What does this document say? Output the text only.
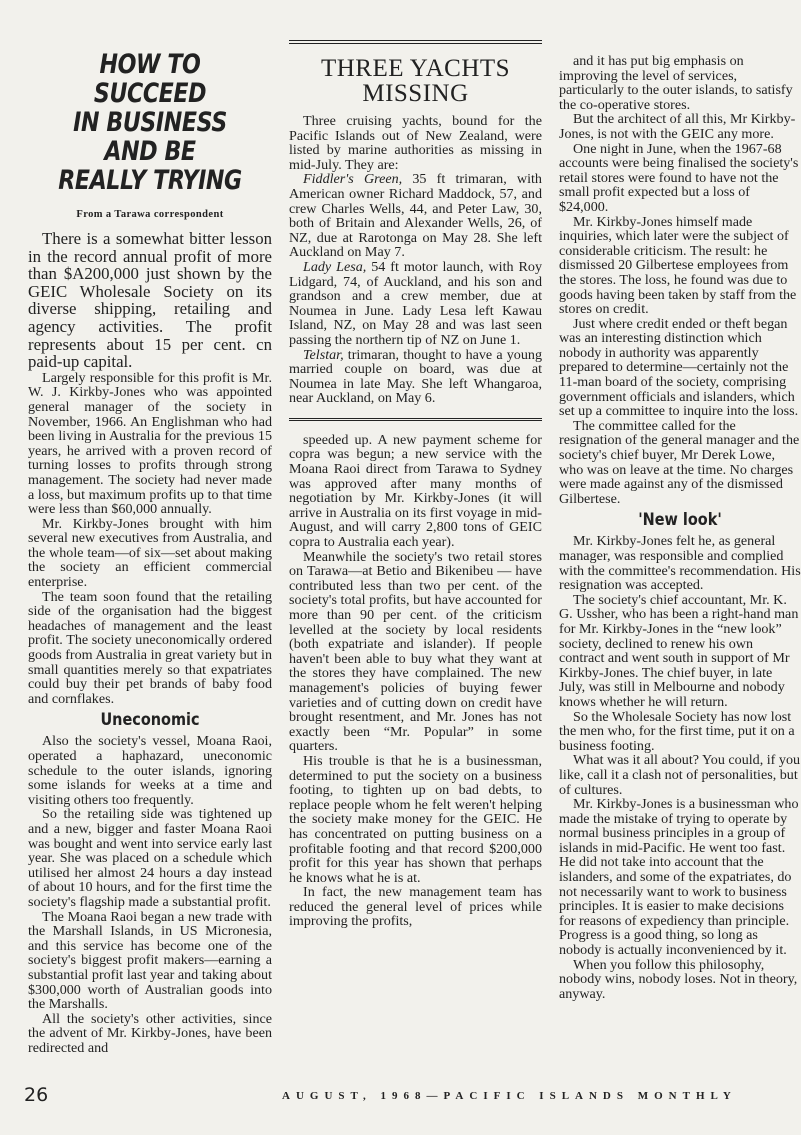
HOW TO SUCCEED
IN BUSINESS AND BE
REALLY TRYING
From a Tarawa correspondent

There is a somewhat bitter lesson in the record annual profit of more than $A200,000 just shown by the GEIC Wholesale Society on its diverse shipping, retailing and agency activities. The profit represents about 15 per cent. cn paid-up capital.

Largely responsible for this profit is Mr. W. J. Kirkby-Jones who was appointed general manager of the society in November, 1966. An Englishman who had been living in Australia for the previous 15 years, he arrived with a proven record of turning losses to profits through strong management. The society had never made a loss, but maximum profits up to that time were less than $60,000 annually.

Mr. Kirkby-Jones brought with him several new executives from Australia, and the whole team—of six—set about making the society an efficient commercial enterprise.

The team soon found that the retailing side of the organisation had the biggest headaches of management and the least profit. The society uneconomically ordered goods from Australia in great variety but in small quantities merely so that expatriates could buy their pet brands of baby food and cornflakes.

Uneconomic

Also the society's vessel, Moana Raoi, operated a haphazard, uneconomic schedule to the outer islands, ignoring some islands for weeks at a time and visiting others too frequently.

So the retailing side was tightened up and a new, bigger and faster Moana Raoi was bought and went into service early last year. She was placed on a schedule which utilised her almost 24 hours a day instead of about 10 hours, and for the first time the society's flagship made a substantial profit.

The Moana Raoi began a new trade with the Marshall Islands, in US Micronesia, and this service has become one of the society's biggest profit makers—earning a substantial profit last year and taking about $300,000 worth of Australian goods into the Marshalls.

All the society's other activities, since the advent of Mr. Kirkby-Jones, have been redirected and

THREE YACHTS
MISSING

Three cruising yachts, bound for the Pacific Islands out of New Zealand, were listed by marine authorities as missing in mid-July. They are:

Fiddler's Green, 35 ft trimaran, with American owner Richard Maddock, 57, and crew Charles Wells, 44, and Peter Law, 30, both of Britain and Alexander Wells, 26, of NZ, due at Rarotonga on May 28. She left Auckland on May 7.

Lady Lesa, 54 ft motor launch, with Roy Lidgard, 74, of Auckland, and his son and grandson and a crew member, due at Noumea in June. Lady Lesa left Kawau Island, NZ, on May 28 and was last seen passing the northern tip of NZ on June 1.

Telstar, trimaran, thought to have a young married couple on board, was due at Noumea in late May. She left Whangaroa, near Auckland, on May 6.

speeded up. A new payment scheme for copra was begun; a new service with the Moana Raoi direct from Tarawa to Sydney was approved after many months of negotiation by Mr. Kirkby-Jones (it will arrive in Australia on its first voyage in mid-August, and will carry 2,800 tons of GEIC copra to Australia each year).

Meanwhile the society's two retail stores on Tarawa—at Betio and Bikenibeu — have contributed less than two per cent. of the society's total profits, but have accounted for more than 90 per cent. of the criticism levelled at the society by local residents (both expatriate and islander). If people haven't been able to buy what they want at the stores they have complained. The new management's policies of buying fewer varieties and of cutting down on credit have brought resentment, and Mr. Jones has not exactly been “Mr. Popular” in some quarters.

His trouble is that he is a businessman, determined to put the society on a business footing, to tighten up on bad debts, to replace people whom he felt weren't helping the society make money for the GEIC. He has concentrated on putting business on a profitable footing and that record $200,000 profit for this year has shown that perhaps he knows what he is at.

In fact, the new management team has reduced the general level of prices while improving the profits,

and it has put big emphasis on improving the level of services, particularly to the outer islands, to satisfy the co-operative stores.

But the architect of all this, Mr Kirkby-Jones, is not with the GEIC any more.

One night in June, when the 1967-68 accounts were being finalised the society's retail stores were found to have not the small profit expected but a loss of $24,000.

Mr. Kirkby-Jones himself made inquiries, which later were the subject of considerable criticism. The result: he dismissed 20 Gilbertese employees from the stores. The loss, he found was due to goods having been taken by staff from the stores on credit.

Just where credit ended or theft began was an interesting distinction which nobody in authority was apparently prepared to determine—certainly not the 11-man board of the society, comprising government officials and islanders, which set up a committee to inquire into the loss.

The committee called for the resignation of the general manager and the society's chief buyer, Mr Derek Lowe, who was on leave at the time. No charges were made against any of the dismissed Gilbertese.

'New look'

Mr. Kirkby-Jones felt he, as general manager, was responsible and complied with the committee's recommendation. His resignation was accepted.

The society's chief accountant, Mr. K. G. Ussher, who has been a right-hand man for Mr. Kirkby-Jones in the “new look” society, declined to renew his own contract and went south in support of Mr Kirkby-Jones. The chief buyer, in late July, was still in Melbourne and nobody knows whether he will return.

So the Wholesale Society has now lost the men who, for the first time, put it on a business footing.

What was it all about? You could, if you like, call it a clash not of personalities, but of cultures.

Mr. Kirkby-Jones is a businessman who made the mistake of trying to operate by normal business principles in a group of islands in mid-Pacific. He went too fast. He did not take into account that the islanders, and some of the expatriates, do not necessarily want to work to business principles. It is easier to make decisions for reasons of expediency than principle. Progress is a good thing, so long as nobody is actually inconvenienced by it.

When you follow this philosophy, nobody wins, nobody loses. Not in theory, anyway.

26	AUGUST, 1968—PACIFIC ISLANDS MONTHLY
